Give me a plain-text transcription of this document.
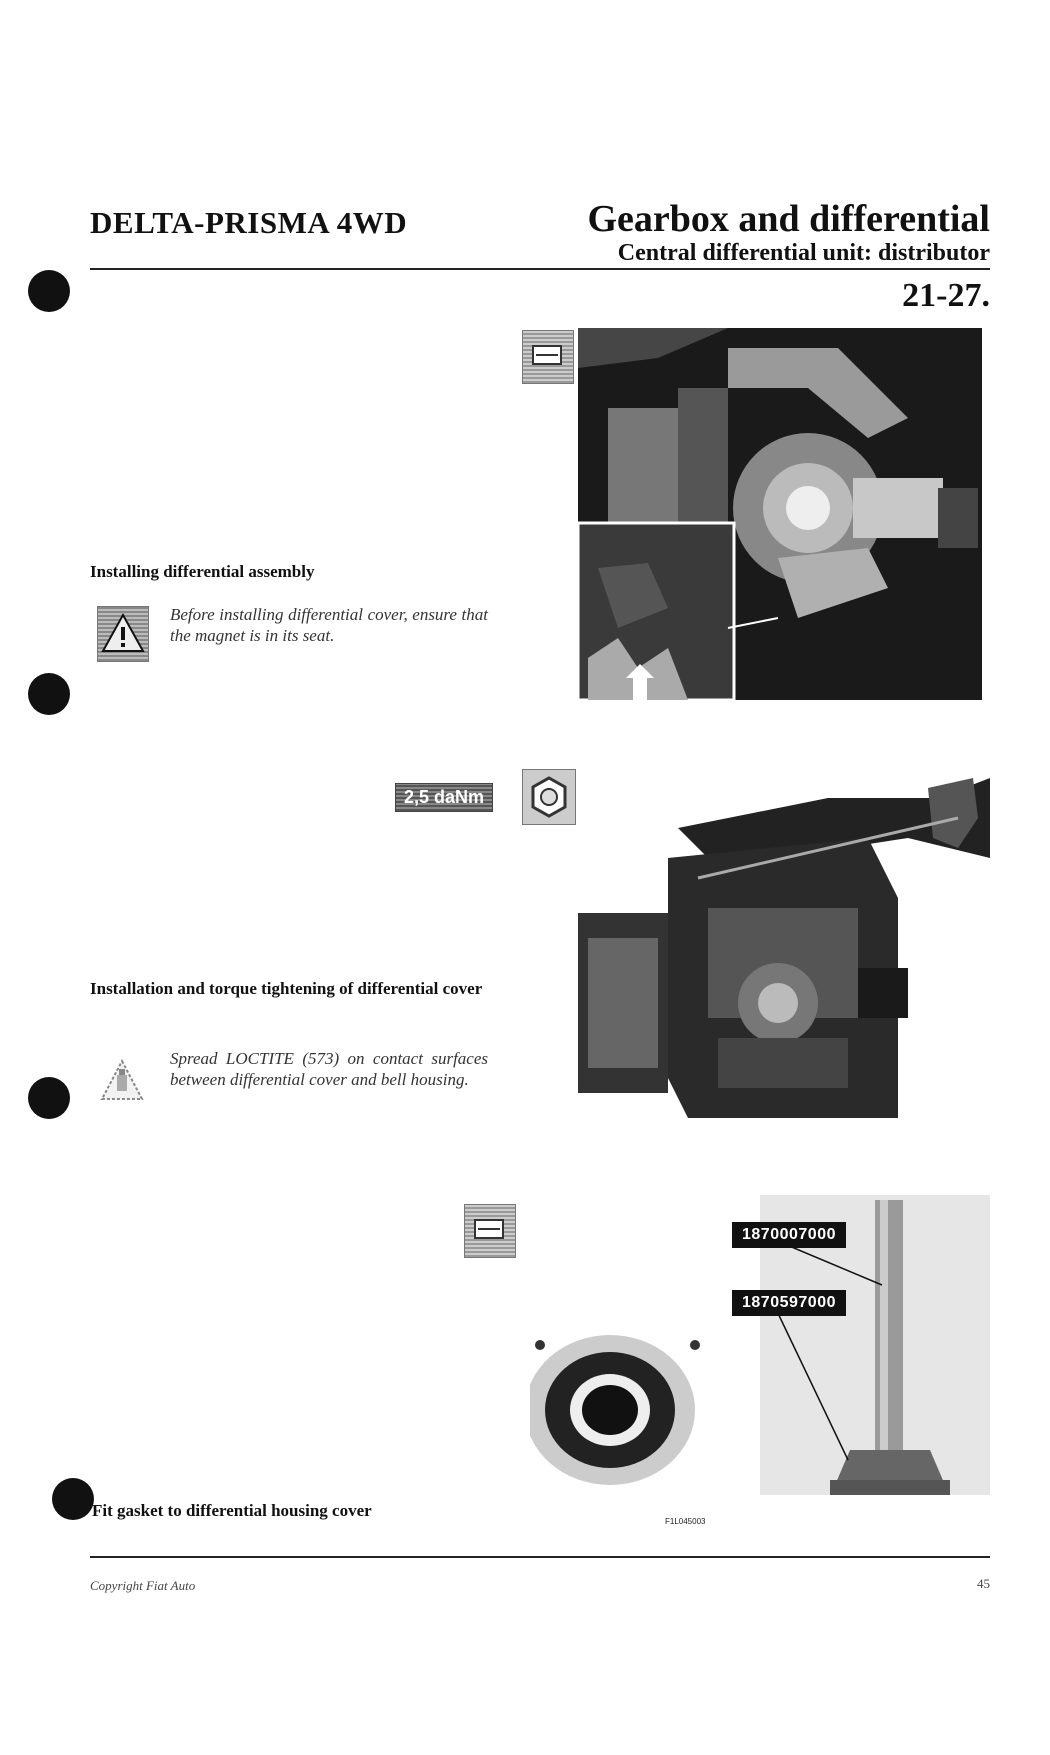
DELTA-PRISMA 4WD	Gearbox and differential
Central differential unit: distributor
21-27.
Installing differential assembly
Before installing differential cover, ensure that the magnet is in its seat.
2,5 daNm
Installation and torque tightening of differential cover
Spread LOCTITE (573) on contact surfaces between differential cover and bell housing.
1870007000
1870597000
F1L045003
Fit gasket to differential housing cover
Copyright Fiat Auto	45
